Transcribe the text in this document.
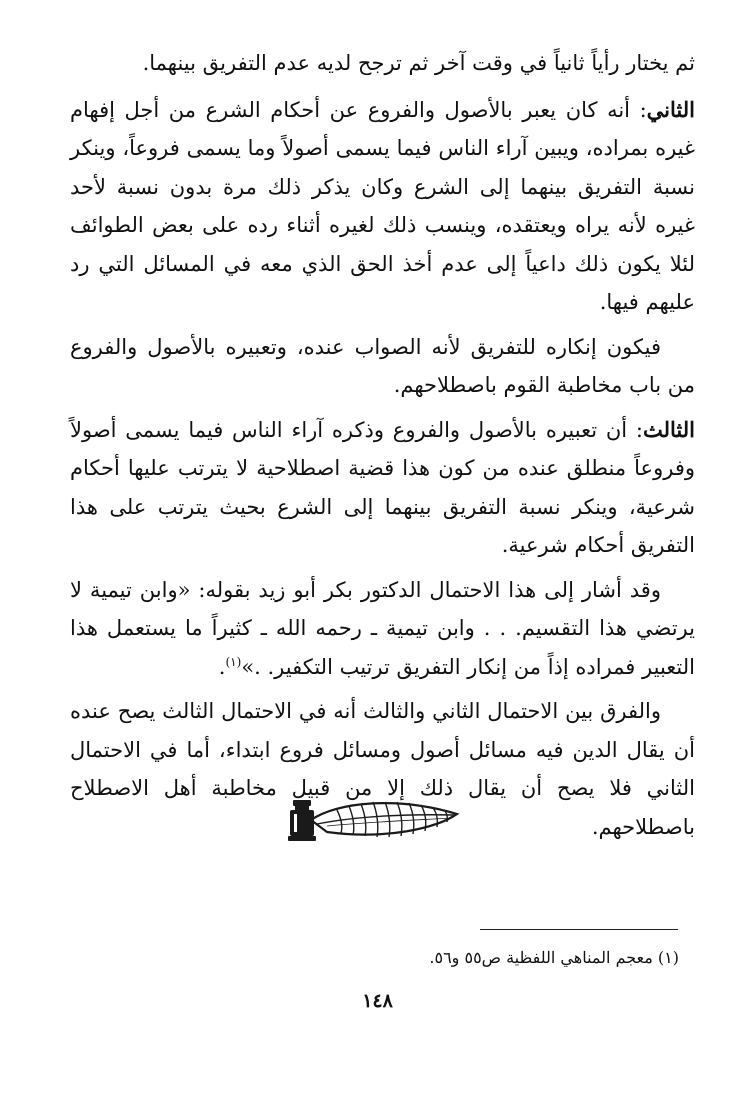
ثم يختار رأياً ثانياً في وقت آخر ثم ترجح لديه عدم التفريق بينهما.

الثاني: أنه كان يعبر بالأصول والفروع عن أحكام الشرع من أجل إفهام غيره بمراده، ويبين آراء الناس فيما يسمى أصولاً وما يسمى فروعاً، وينكر نسبة التفريق بينهما إلى الشرع وكان يذكر ذلك مرة بدون نسبة لأحد غيره لأنه يراه ويعتقده، وينسب ذلك لغيره أثناء رده على بعض الطوائف لئلا يكون ذلك داعياً إلى عدم أخذ الحق الذي معه في المسائل التي رد عليهم فيها.

فيكون إنكاره للتفريق لأنه الصواب عنده، وتعبيره بالأصول والفروع من باب مخاطبة القوم باصطلاحهم.

الثالث: أن تعبيره بالأصول والفروع وذكره آراء الناس فيما يسمى أصولاً وفروعاً منطلق عنده من كون هذا قضية اصطلاحية لا يترتب عليها أحكام شرعية، وينكر نسبة التفريق بينهما إلى الشرع بحيث يترتب على هذا التفريق أحكام شرعية.

وقد أشار إلى هذا الاحتمال الدكتور بكر أبو زيد بقوله: «وابن تيمية لا يرتضي هذا التقسيم. . . وابن تيمية ـ رحمه الله ـ كثيراً ما يستعمل هذا التعبير فمراده إذاً من إنكار التفريق ترتيب التكفير. .»$^{(١)}$.

والفرق بين الاحتمال الثاني والثالث أنه في الاحتمال الثالث يصح عنده أن يقال الدين فيه مسائل أصول ومسائل فروع ابتداء، أما في الاحتمال الثاني فلا يصح أن يقال ذلك إلا من قبيل مخاطبة أهل الاصطلاح باصطلاحهم.

(١) معجم المناهي اللفظية ص٥٥ و٥٦.
١٤٨
